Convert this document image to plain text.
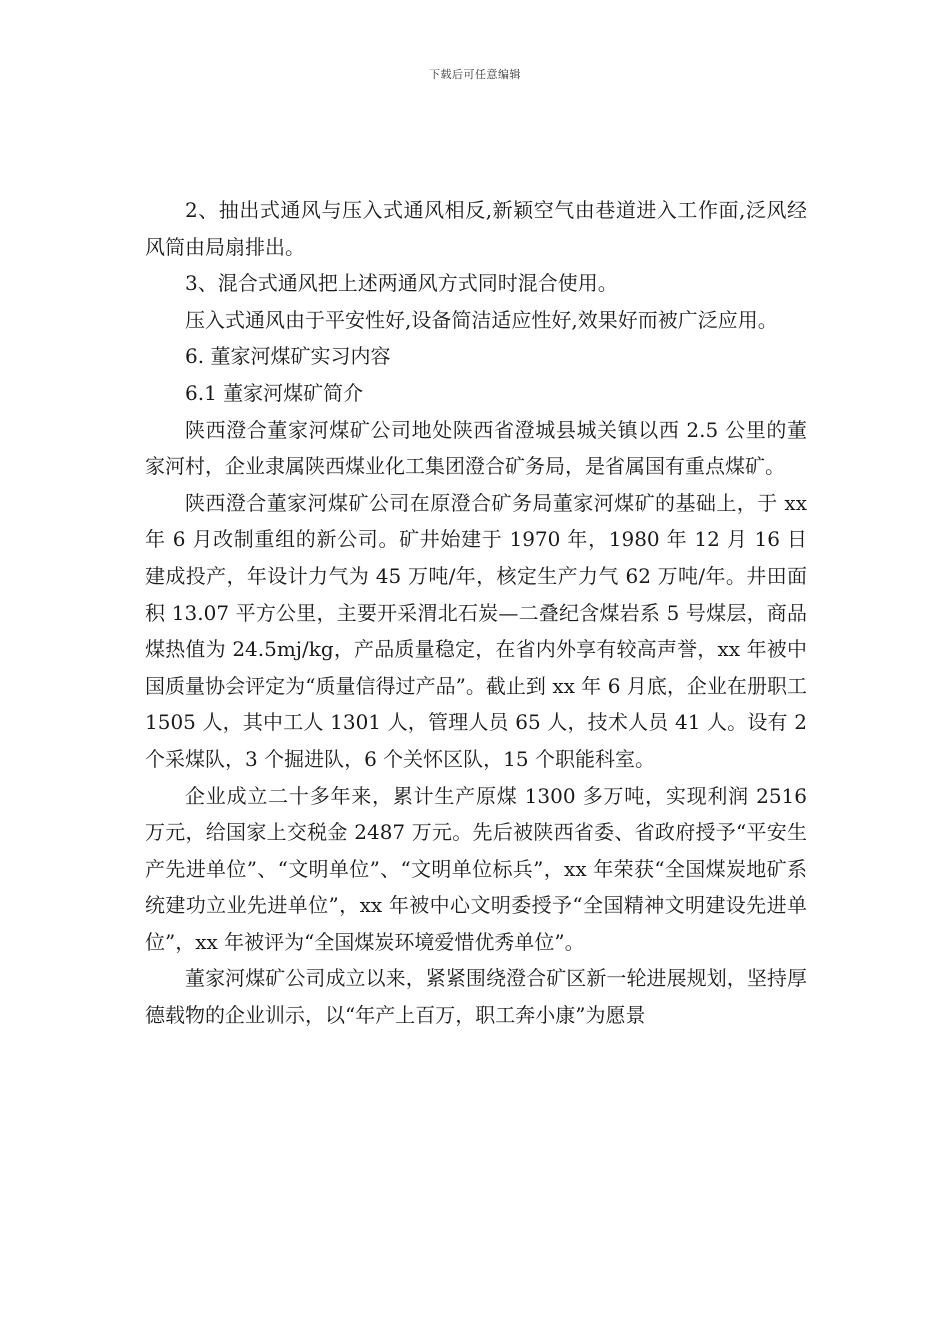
下载后可任意编辑

2、抽出式通风与压入式通风相反,新颖空气由巷道进入工作面,泛风经风筒由局扇排出。

3、混合式通风把上述两通风方式同时混合使用。

压入式通风由于平安性好,设备简洁适应性好,效果好而被广泛应用。

6. 董家河煤矿实习内容

6.1 董家河煤矿简介

陕西澄合董家河煤矿公司地处陕西省澄城县城关镇以西 2.5 公里的董家河村，企业隶属陕西煤业化工集团澄合矿务局，是省属国有重点煤矿。

陕西澄合董家河煤矿公司在原澄合矿务局董家河煤矿的基础上，于 xx 年 6 月改制重组的新公司。矿井始建于 1970 年，1980 年 12 月 16 日建成投产，年设计力气为 45 万吨/年，核定生产力气 62 万吨/年。井田面积 13.07 平方公里，主要开采渭北石炭—二叠纪含煤岩系 5 号煤层，商品煤热值为 24.5mj/kg，产品质量稳定，在省内外享有较高声誉，xx 年被中国质量协会评定为“质量信得过产品”。截止到 xx 年 6 月底，企业在册职工 1505 人，其中工人 1301 人，管理人员 65 人，技术人员 41 人。设有 2 个采煤队，3 个掘进队，6 个关怀区队，15 个职能科室。

企业成立二十多年来，累计生产原煤 1300 多万吨，实现利润 2516 万元，给国家上交税金 2487 万元。先后被陕西省委、省政府授予“平安生产先进单位”、“文明单位”、“文明单位标兵”，xx 年荣获“全国煤炭地矿系统建功立业先进单位”，xx 年被中心文明委授予“全国精神文明建设先进单位”，xx 年被评为“全国煤炭环境爱惜优秀单位”。

董家河煤矿公司成立以来，紧紧围绕澄合矿区新一轮进展规划，坚持厚德载物的企业训示，以“年产上百万，职工奔小康”为愿景
